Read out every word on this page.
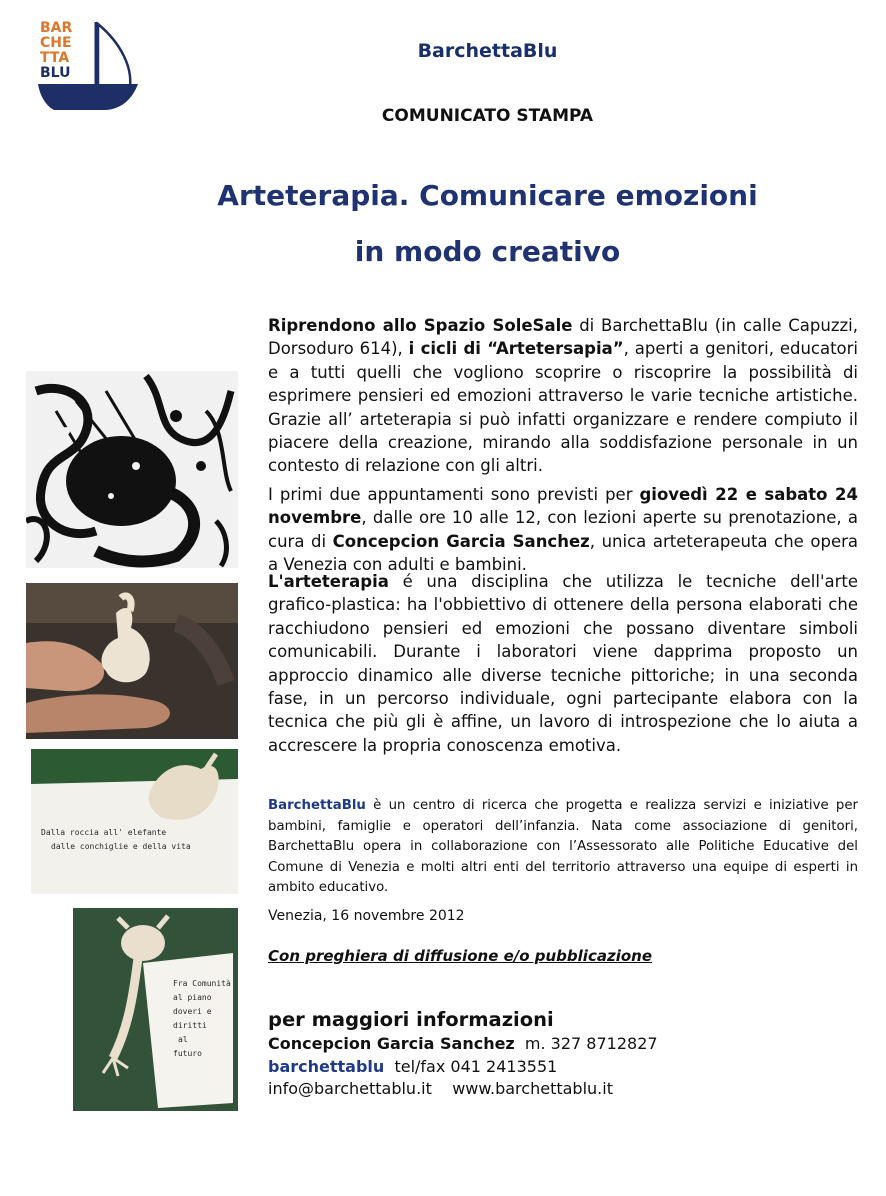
BAR
CHE
TTA
BLU
BarchettaBlu
COMUNICATO STAMPA
Arteterapia. Comunicare emozioni
in modo creativo
Dalla roccia all' elefante
dalle conchiglie e della vita
Fra Comunità
al piano
doveri e
diritti
al
futuro
Riprendono allo Spazio SoleSale di BarchettaBlu (in calle Capuzzi, Dorsoduro 614), i cicli di “Artetersapia”, aperti a genitori, educatori e a tutti quelli che vogliono scoprire o riscoprire la possibilità di esprimere pensieri ed emozioni attraverso le varie tecniche artistiche. Grazie all’ arteterapia si può infatti organizzare e rendere compiuto il piacere della creazione, mirando alla soddisfazione personale in un contesto di relazione con gli altri.
I primi due appuntamenti sono previsti per giovedì 22 e sabato 24 novembre, dalle ore 10 alle 12, con lezioni aperte su prenotazione, a cura di Concepcion Garcia Sanchez, unica arteterapeuta che opera a Venezia con adulti e bambini.
L'arteterapia é una disciplina che utilizza le tecniche dell'arte grafico-plastica: ha l'obbiettivo di ottenere della persona elaborati che racchiudono pensieri ed emozioni che possano diventare simboli comunicabili. Durante i laboratori viene dapprima proposto un approccio dinamico alle diverse tecniche pittoriche; in una seconda fase, in un percorso individuale, ogni partecipante elabora con la tecnica che più gli è affine, un lavoro di introspezione che lo aiuta a accrescere la propria conoscenza emotiva.
BarchettaBlu è un centro di ricerca che progetta e realizza servizi e iniziative per bambini, famiglie e operatori dell’infanzia. Nata come associazione di genitori, BarchettaBlu opera in collaborazione con l’Assessorato alle Politiche Educative del Comune di Venezia e molti altri enti del territorio attraverso una equipe di esperti in ambito educativo.
Venezia, 16 novembre 2012
Con preghiera di diffusione e/o pubblicazione
per maggiori informazioni
Concepcion Garcia Sanchez  m. 327 8712827
barchettablu  tel/fax 041 2413551
info@barchettablu.it    www.barchettablu.it
